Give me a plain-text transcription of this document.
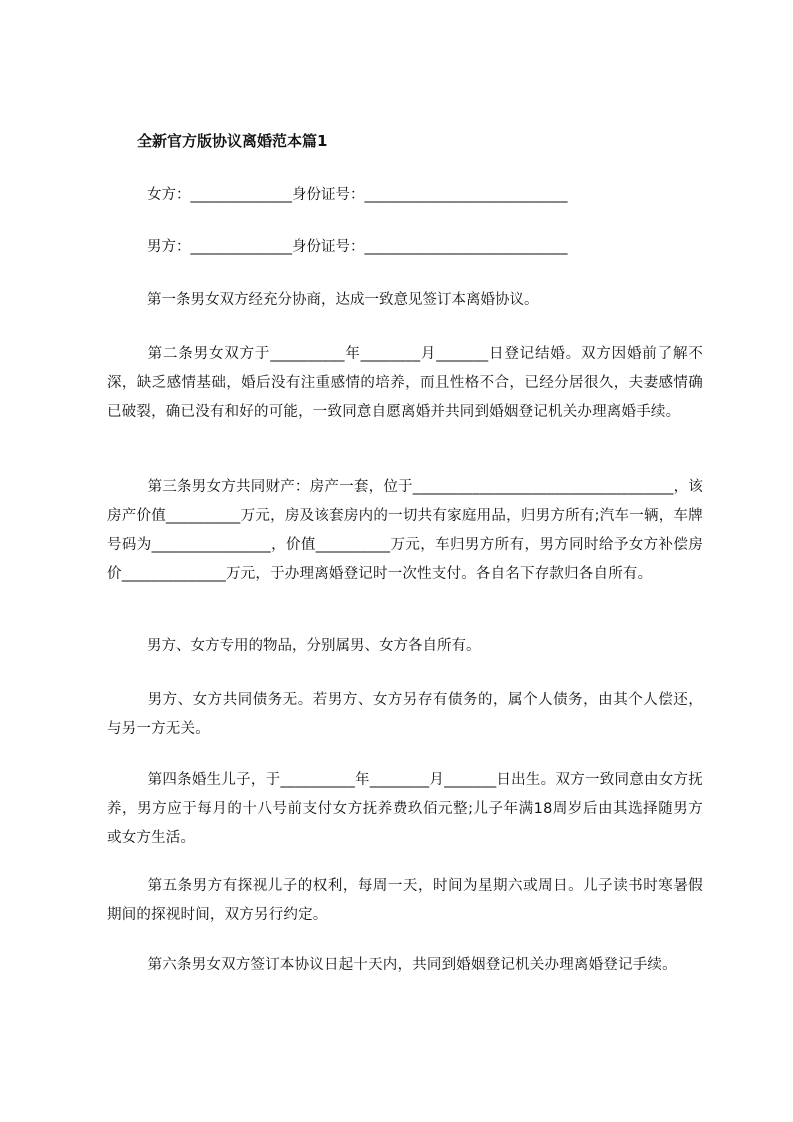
全新官方版协议离婚范本篇1
女方：______________身份证号：____________________________
男方：______________身份证号：____________________________
第一条男女双方经充分协商，达成一致意见签订本离婚协议。
第二条男女双方于__________年________月_______日登记结婚。双方因婚前了解不深，缺乏感情基础，婚后没有注重感情的培养，而且性格不合，已经分居很久，夫妻感情确已破裂，确已没有和好的可能，一致同意自愿离婚并共同到婚姻登记机关办理离婚手续。
第三条男女方共同财产：房产一套，位于___________________________________，该房产价值__________万元，房及该套房内的一切共有家庭用品，归男方所有;汽车一辆，车牌号码为________________，价值__________万元，车归男方所有，男方同时给予女方补偿房价______________万元，于办理离婚登记时一次性支付。各自名下存款归各自所有。
男方、女方专用的物品，分别属男、女方各自所有。
男方、女方共同债务无。若男方、女方另存有债务的，属个人债务，由其个人偿还，与另一方无关。
第四条婚生儿子，于__________年________月_______日出生。双方一致同意由女方抚养，男方应于每月的十八号前支付女方抚养费玖佰元整;儿子年满18周岁后由其选择随男方或女方生活。
第五条男方有探视儿子的权利，每周一天，时间为星期六或周日。儿子读书时寒暑假期间的探视时间，双方另行约定。
第六条男女双方签订本协议日起十天内，共同到婚姻登记机关办理离婚登记手续。
